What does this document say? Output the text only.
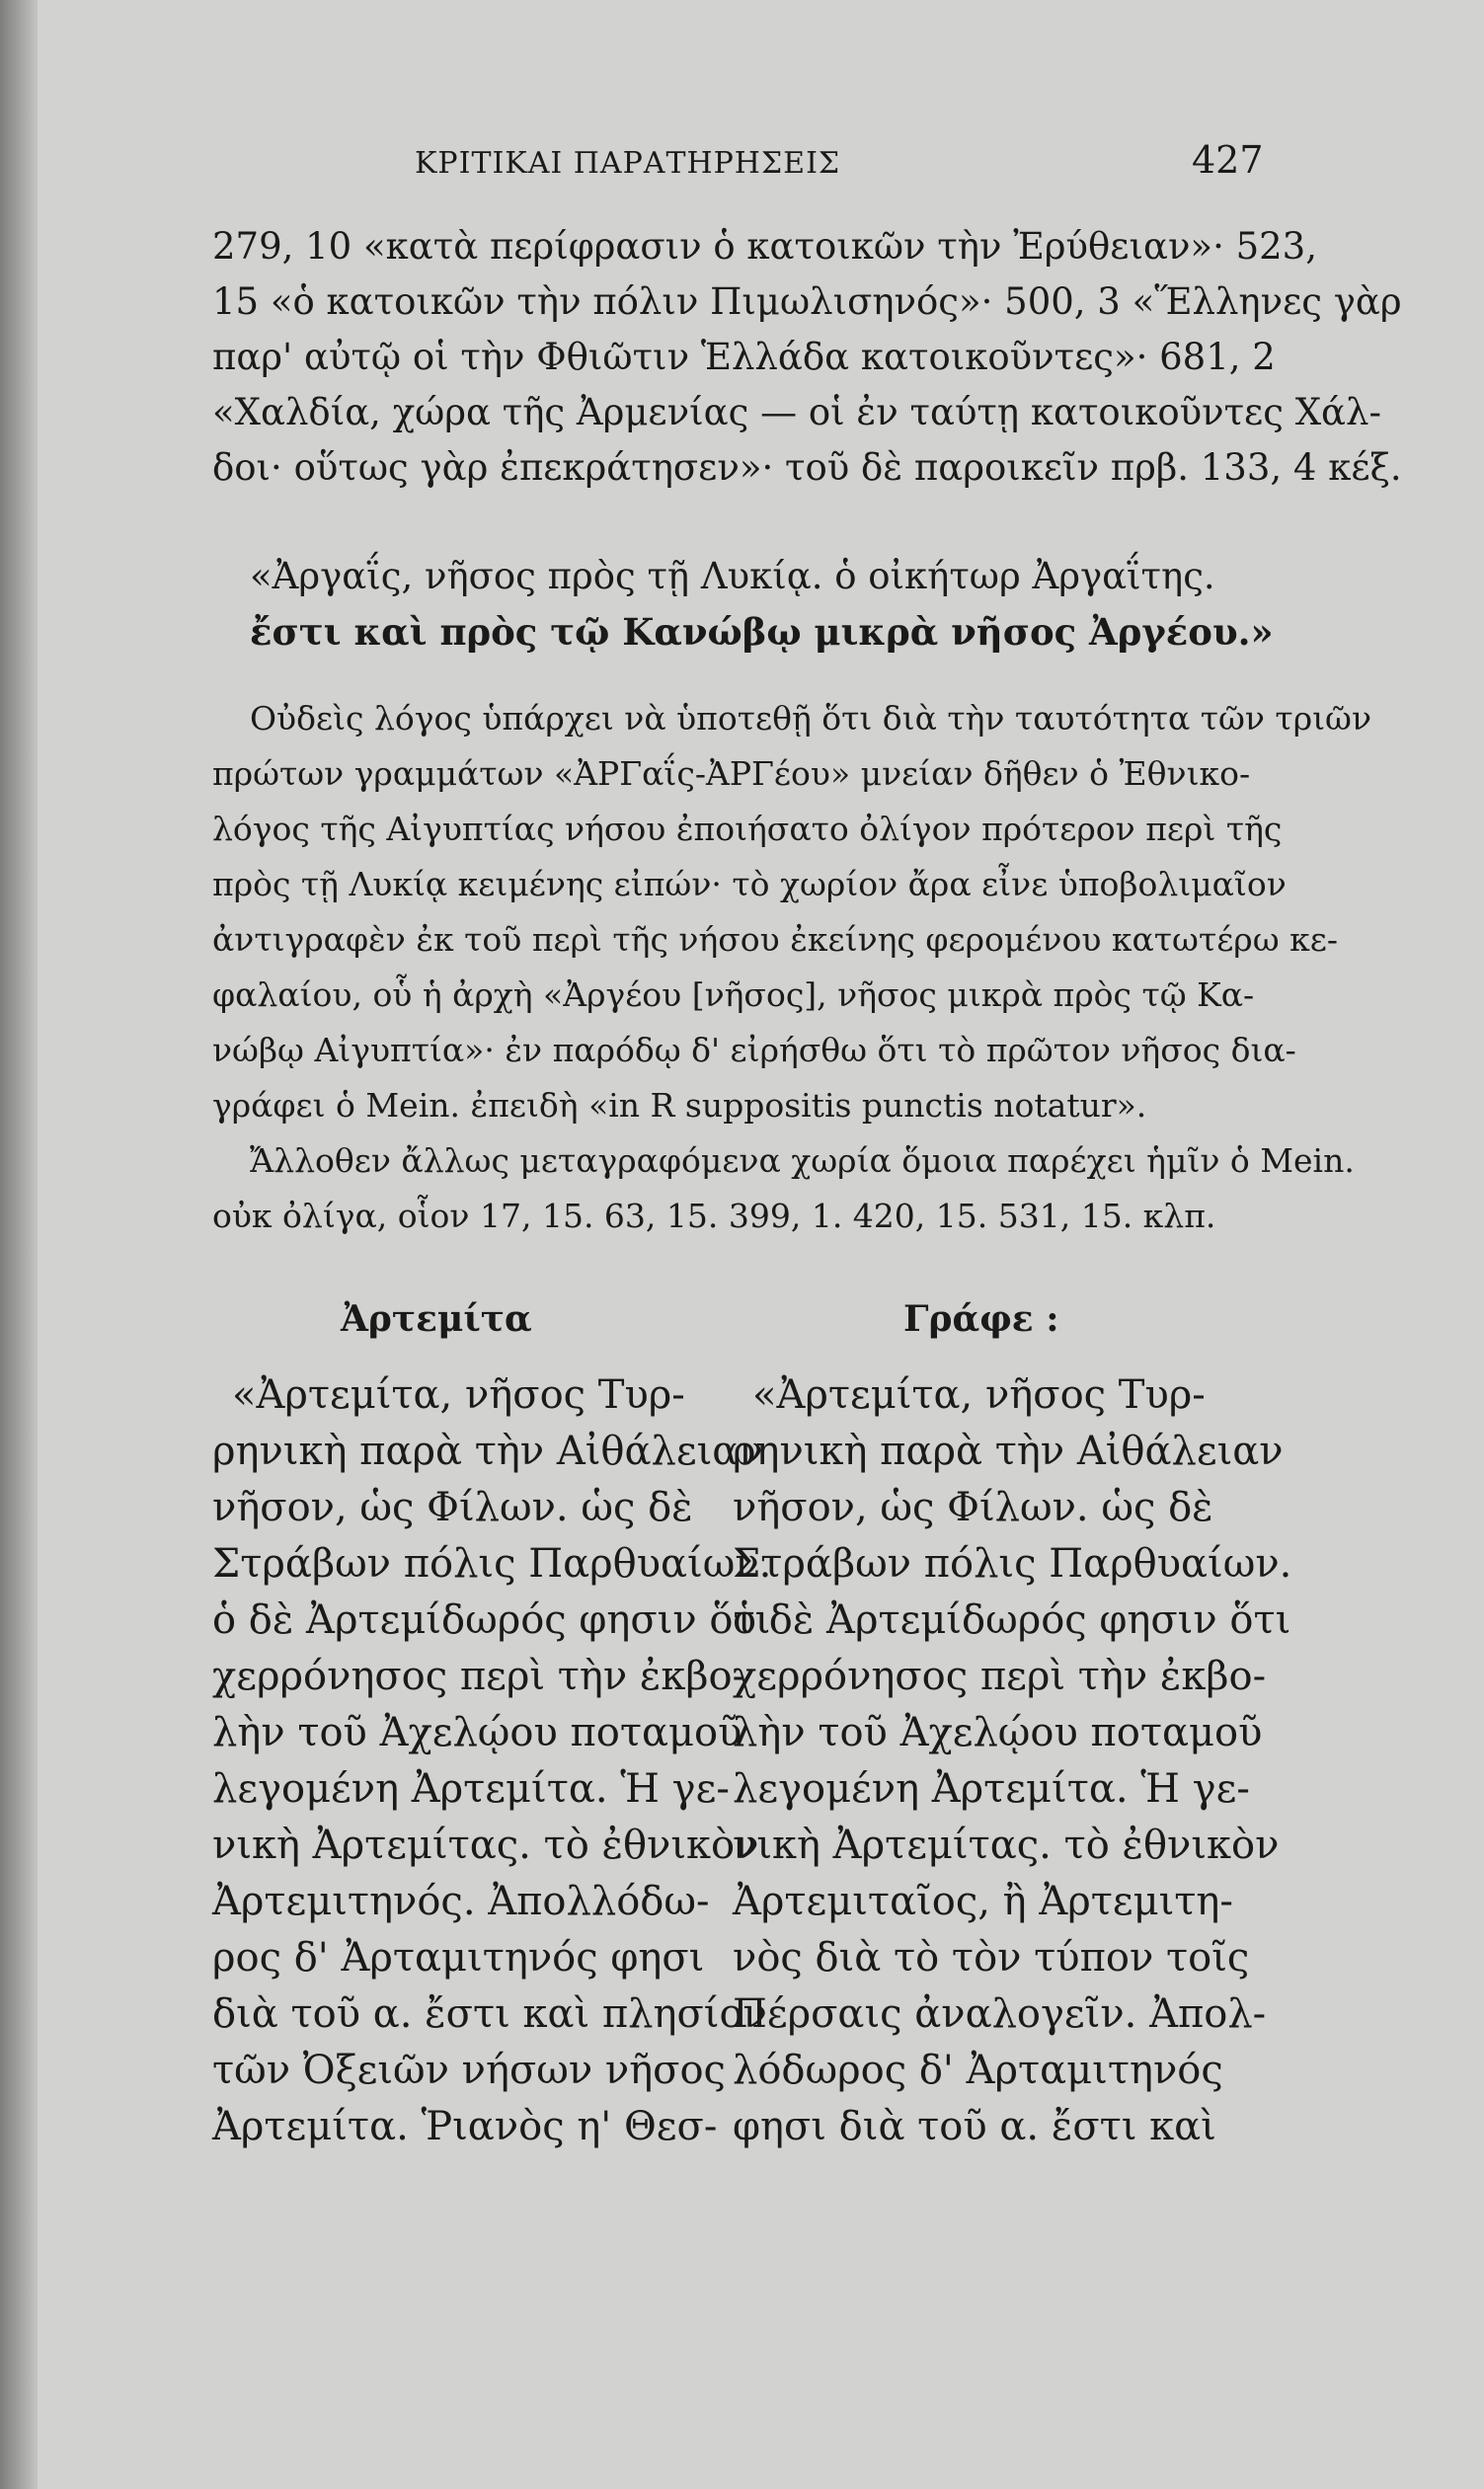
ΚΡΙΤΙΚΑΙ ΠΑΡΑΤΗΡΗΣΕΙΣ	427
279, 10 «κατὰ περίφρασιν ὁ κατοικῶν τὴν Ἐρύθειαν»· 523,
15 «ὁ κατοικῶν τὴν πόλιν Πιμωλισηνός»· 500, 3 «Ἕλληνες γὰρ
παρ' αὐτῷ οἱ τὴν Φθιῶτιν Ἑλλάδα κατοικοῦντες»· 681, 2
«Χαλδία, χώρα τῆς Ἀρμενίας — οἱ ἐν ταύτῃ κατοικοῦντες Χάλ-
δοι· οὕτως γὰρ ἐπεκράτησεν»· τοῦ δὲ παροικεῖν πρβ. 133, 4 κέξ.
«Ἀργαΐς, νῆσος πρὸς τῇ Λυκίᾳ. ὁ οἰκήτωρ Ἀργαΐτης.
ἔστι καὶ πρὸς τῷ Κανώβῳ μικρὰ νῆσος Ἀργέου.»
Οὐδεὶς λόγος ὑπάρχει νὰ ὑποτεθῇ ὅτι διὰ τὴν ταυτότητα τῶν τριῶν
πρώτων γραμμάτων «ἈΡΓαΐς-ἈΡΓέου» μνείαν δῆθεν ὁ Ἐθνικο-
λόγος τῆς Αἰγυπτίας νήσου ἐποιήσατο ὀλίγον πρότερον περὶ τῆς
πρὸς τῇ Λυκίᾳ κειμένης εἰπών· τὸ χωρίον ἄρα εἶνε ὑποβολιμαῖον
ἀντιγραφὲν ἐκ τοῦ περὶ τῆς νήσου ἐκείνης φερομένου κατωτέρω κε-
φαλαίου, οὗ ἡ ἀρχὴ «Ἀργέου [νῆσος], νῆσος μικρὰ πρὸς τῷ Κα-
νώβῳ Αἰγυπτία»· ἐν παρόδῳ δ' εἰρήσθω ὅτι τὸ πρῶτον νῆσος δια-
γράφει ὁ Mein. ἐπειδὴ «in R suppositis punctis notatur».
Ἄλλοθεν ἄλλως μεταγραφόμενα χωρία ὅμοια παρέχει ἡμῖν ὁ Mein.
οὐκ ὀλίγα, οἷον 17, 15. 63, 15. 399, 1. 420, 15. 531, 15. κλπ.
Ἀρτεμίτα	Γράφε :
«Ἀρτεμίτα, νῆσος Τυρ-
ρηνικὴ παρὰ τὴν Αἰθάλειαν
νῆσον, ὡς Φίλων. ὡς δὲ
Στράβων πόλις Παρθυαίων.
ὁ δὲ Ἀρτεμίδωρός φησιν ὅτι
χερρόνησος περὶ τὴν ἐκβο-
λὴν τοῦ Ἀχελῴου ποταμοῦ
λεγομένη Ἀρτεμίτα. Ἡ γε-
νικὴ Ἀρτεμίτας. τὸ ἐθνικὸν
Ἀρτεμιτηνός. Ἀπολλόδω-
ρος δ' Ἀρταμιτηνός φησι
διὰ τοῦ α. ἔστι καὶ πλησίον
τῶν Ὀξειῶν νήσων νῆσος
Ἀρτεμίτα. Ῥιανὸς η' Θεσ-
«Ἀρτεμίτα, νῆσος Τυρ-
ρηνικὴ παρὰ τὴν Αἰθάλειαν
νῆσον, ὡς Φίλων. ὡς δὲ
Στράβων πόλις Παρθυαίων.
ὁ δὲ Ἀρτεμίδωρός φησιν ὅτι
χερρόνησος περὶ τὴν ἐκβο-
λὴν τοῦ Ἀχελῴου ποταμοῦ
λεγομένη Ἀρτεμίτα. Ἡ γε-
νικὴ Ἀρτεμίτας. τὸ ἐθνικὸν
Ἀρτεμιταῖος, ἢ Ἀρτεμιτη-
νὸς διὰ τὸ τὸν τύπον τοῖς
Πέρσαις ἀναλογεῖν. Ἀπολ-
λόδωρος δ' Ἀρταμιτηνός
φησι διὰ τοῦ α. ἔστι καὶ
